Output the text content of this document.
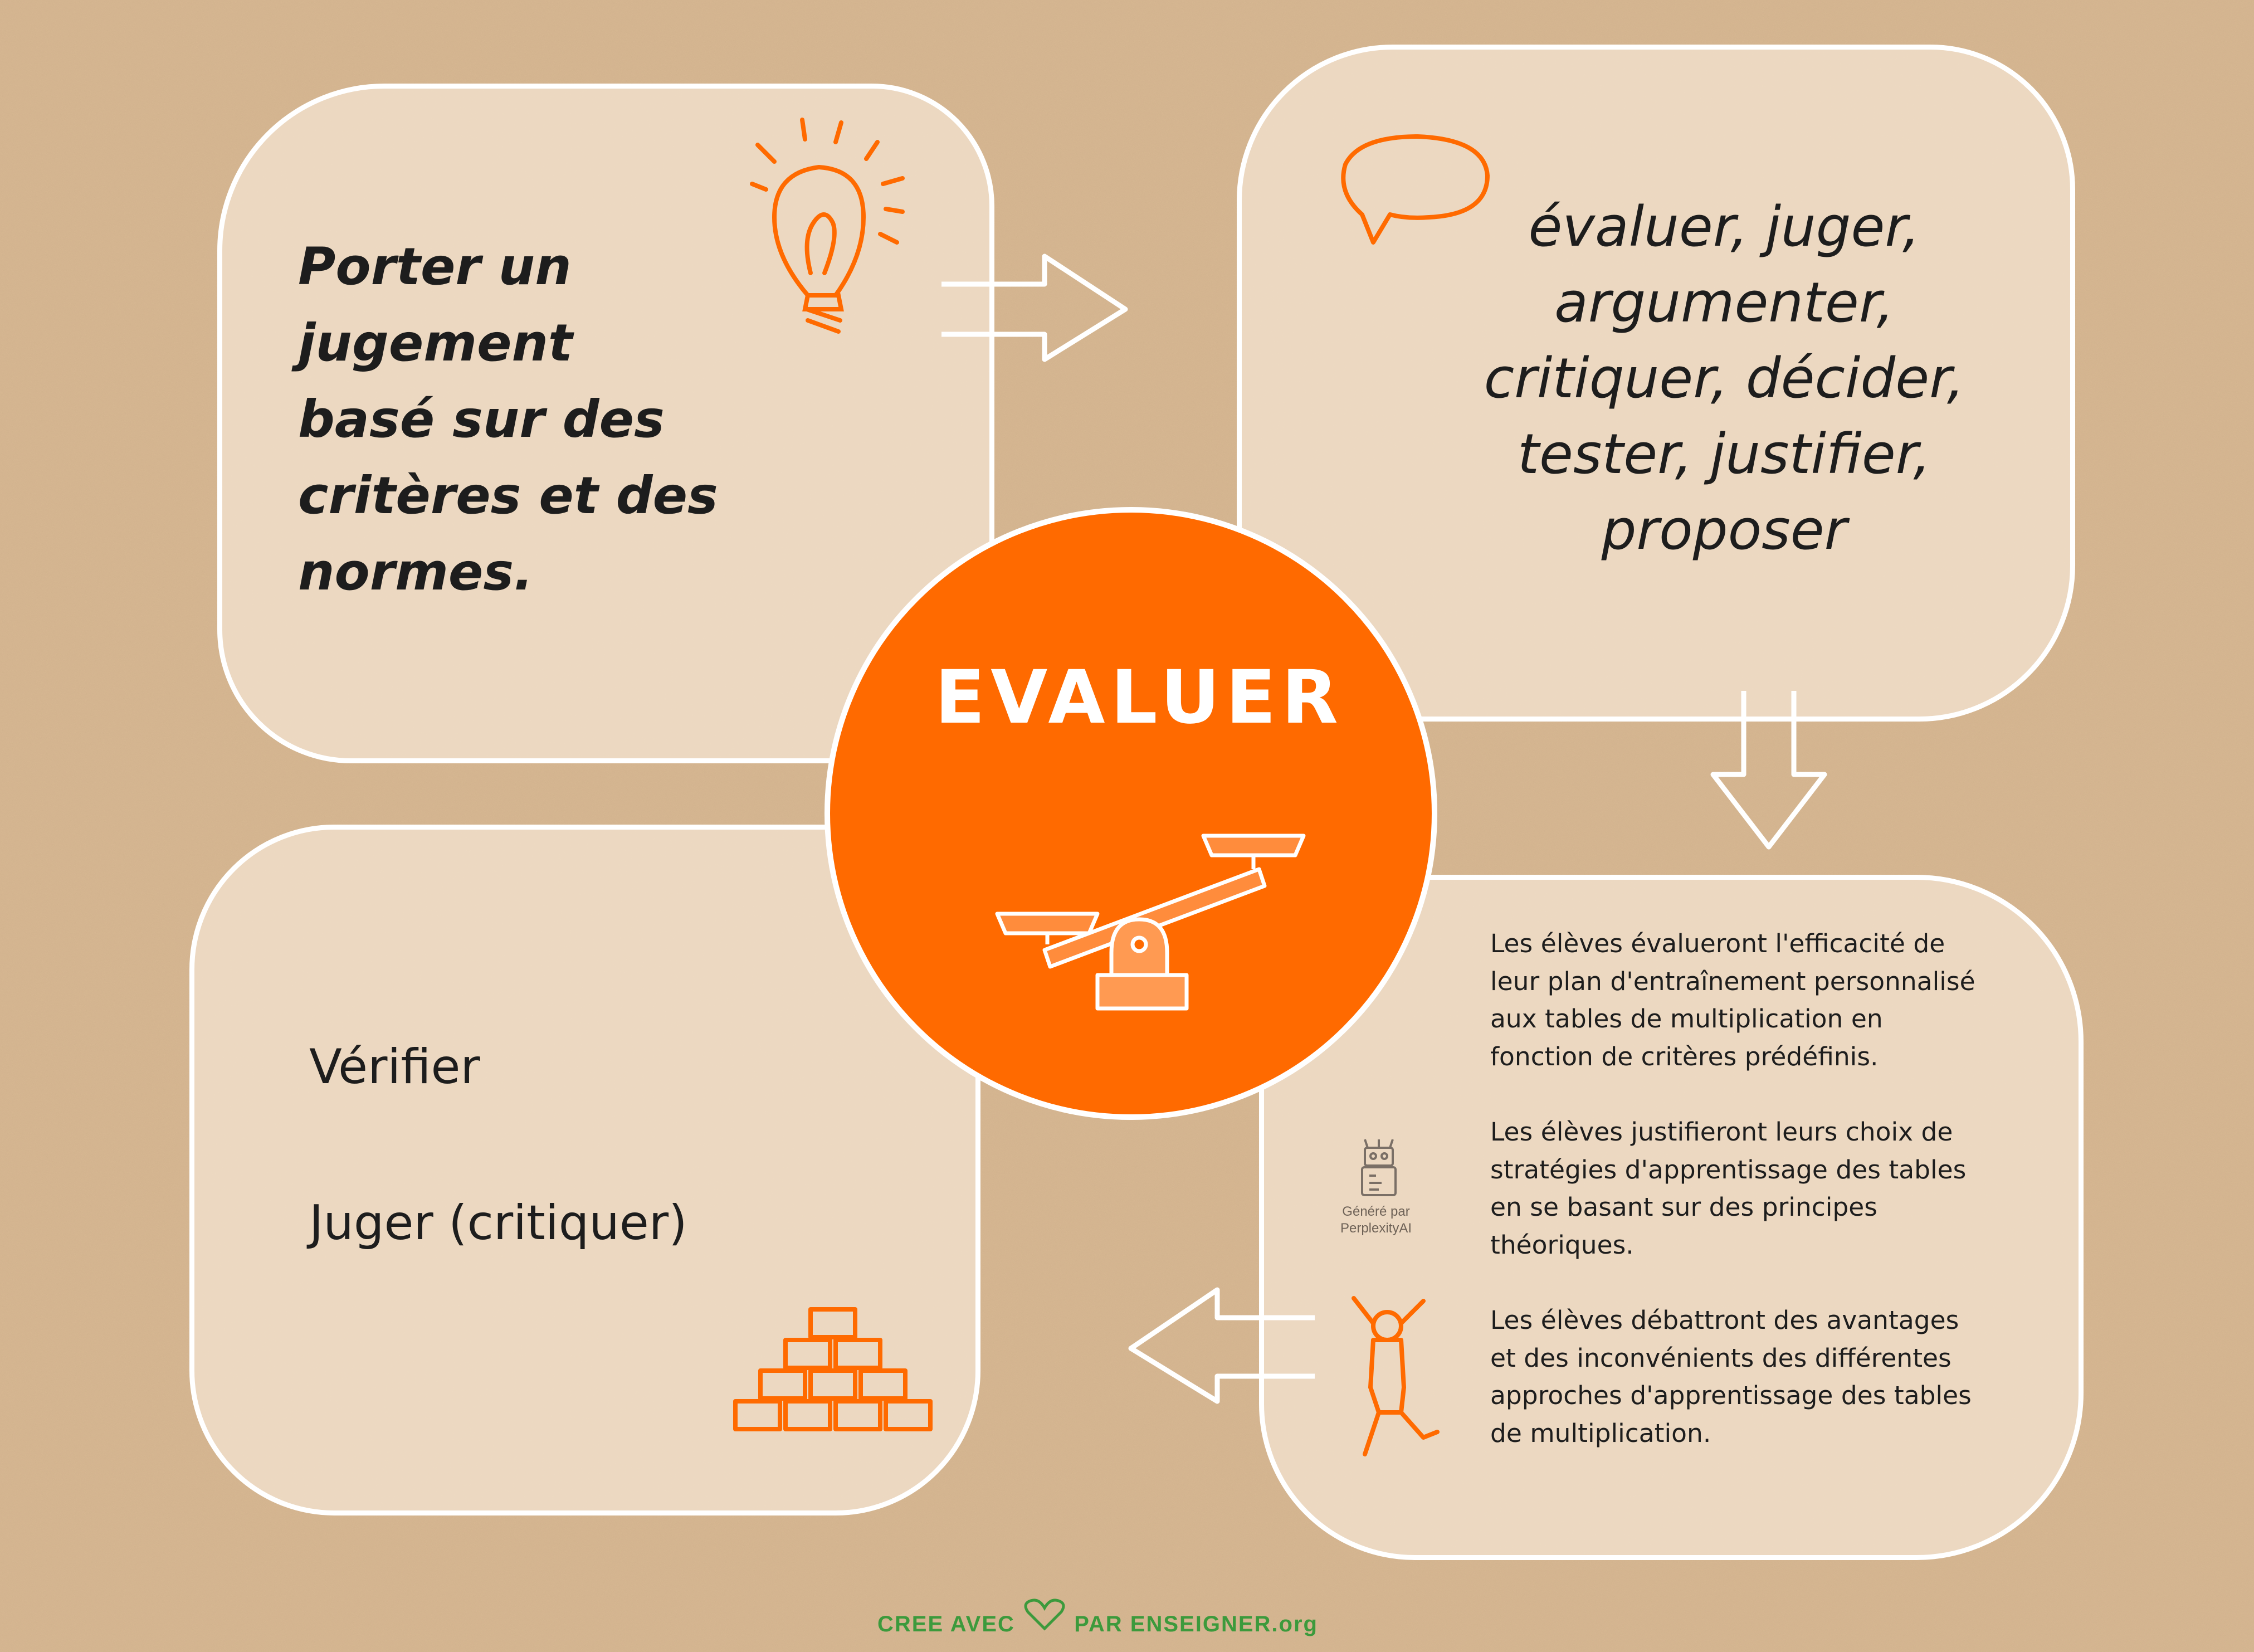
EVALUER
Porter un jugement basé sur des critères et des normes.
évaluer, juger,
argumenter,
critiquer, décider,
tester, justifier,
proposer

Les élèves évalueront l'efficacité de leur plan d'entraînement personnalisé aux tables de multiplication en fonction de critères prédéfinis.

Les élèves justifieront leurs choix de stratégies d'apprentissage des tables en se basant sur des principes théoriques.

Les élèves débattront des avantages et des inconvénients des différentes approches d'apprentissage des tables de multiplication.

Généré par PerplexityAI
Vérifier
Juger (critiquer)
CREE AVEC	PAR ENSEIGNER.org
